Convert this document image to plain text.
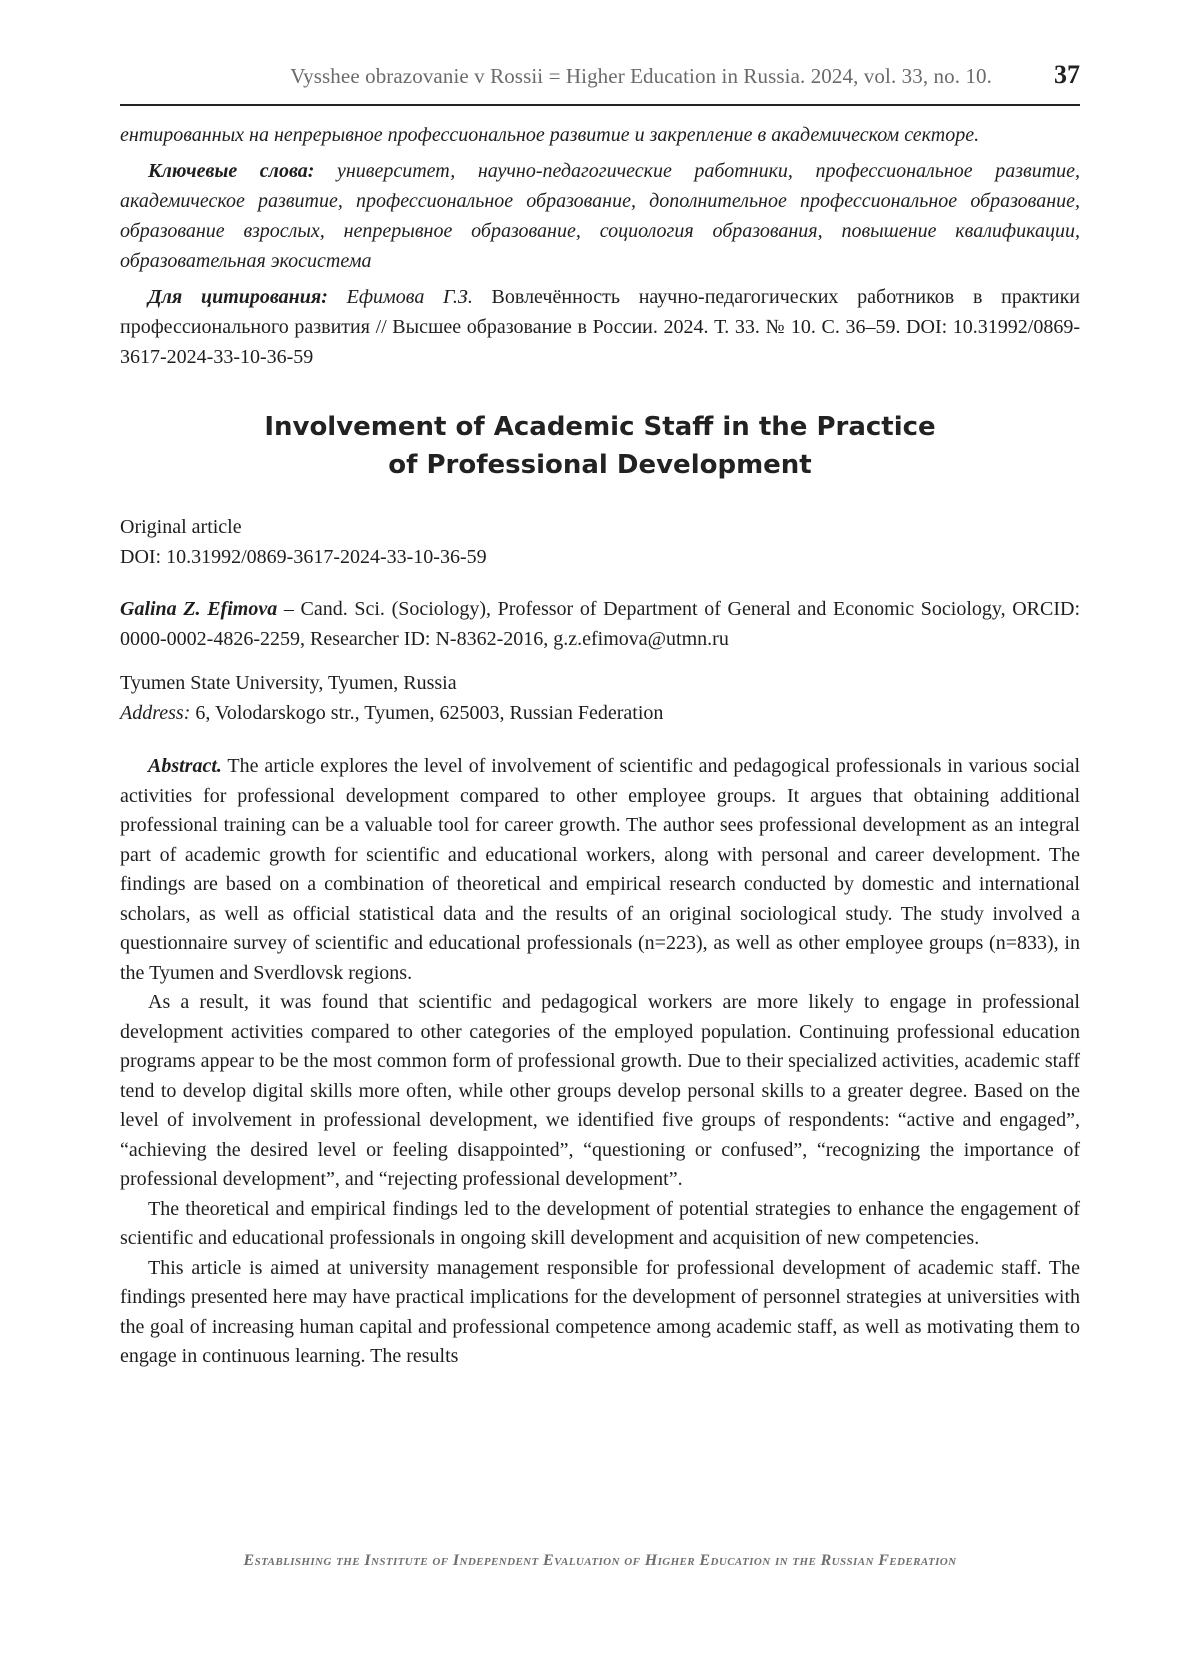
Vysshee obrazovanie v Rossii = Higher Education in Russia. 2024, vol. 33, no. 10. 37

ентированных на непрерывное профессиональное развитие и закрепление в академическом секторе.

Ключевые слова: университет, научно-педагогические работники, профессиональное развитие, академическое развитие, профессиональное образование, дополнительное профессиональное образование, образование взрослых, непрерывное образование, социология образования, повышение квалификации, образовательная экосистема

Для цитирования: Ефимова Г.З. Вовлечённость научно-педагогических работников в практики профессионального развития // Высшее образование в России. 2024. Т. 33. № 10. С. 36–59. DOI: 10.31992/0869-3617-2024-33-10-36-59

Involvement of Academic Staff in the Practice
of Professional Development
Original article
DOI: 10.31992/0869-3617-2024-33-10-36-59

Galina Z. Efimova – Cand. Sci. (Sociology), Professor of Department of General and Economic Sociology, ORCID: 0000-0002-4826-2259, Researcher ID: N-8362-2016, g.z.efimova@utmn.ru

Tyumen State University, Tyumen, Russia
Address: 6, Volodarskogo str., Tyumen, 625003, Russian Federation

Abstract. The article explores the level of involvement of scientific and pedagogical professionals in various social activities for professional development compared to other employee groups. It argues that obtaining additional professional training can be a valuable tool for career growth. The author sees professional development as an integral part of academic growth for scientific and educational workers, along with personal and career development. The findings are based on a combination of theoretical and empirical research conducted by domestic and international scholars, as well as official statistical data and the results of an original sociological study. The study involved a questionnaire survey of scientific and educational professionals (n=223), as well as other employee groups (n=833), in the Tyumen and Sverdlovsk regions.

As a result, it was found that scientific and pedagogical workers are more likely to engage in professional development activities compared to other categories of the employed population. Continuing professional education programs appear to be the most common form of professional growth. Due to their specialized activities, academic staff tend to develop digital skills more often, while other groups develop personal skills to a greater degree. Based on the level of involvement in professional development, we identified five groups of respondents: “active and engaged”, “achieving the desired level or feeling disappointed”, “questioning or confused”, “recognizing the importance of professional development”, and “rejecting professional development”.

The theoretical and empirical findings led to the development of potential strategies to enhance the engagement of scientific and educational professionals in ongoing skill development and acquisition of new competencies.

This article is aimed at university management responsible for professional development of academic staff. The findings presented here may have practical implications for the development of personnel strategies at universities with the goal of increasing human capital and professional competence among academic staff, as well as motivating them to engage in continuous learning. The results

Establishing the Institute of Independent Evaluation of Higher Education in the Russian Federation
